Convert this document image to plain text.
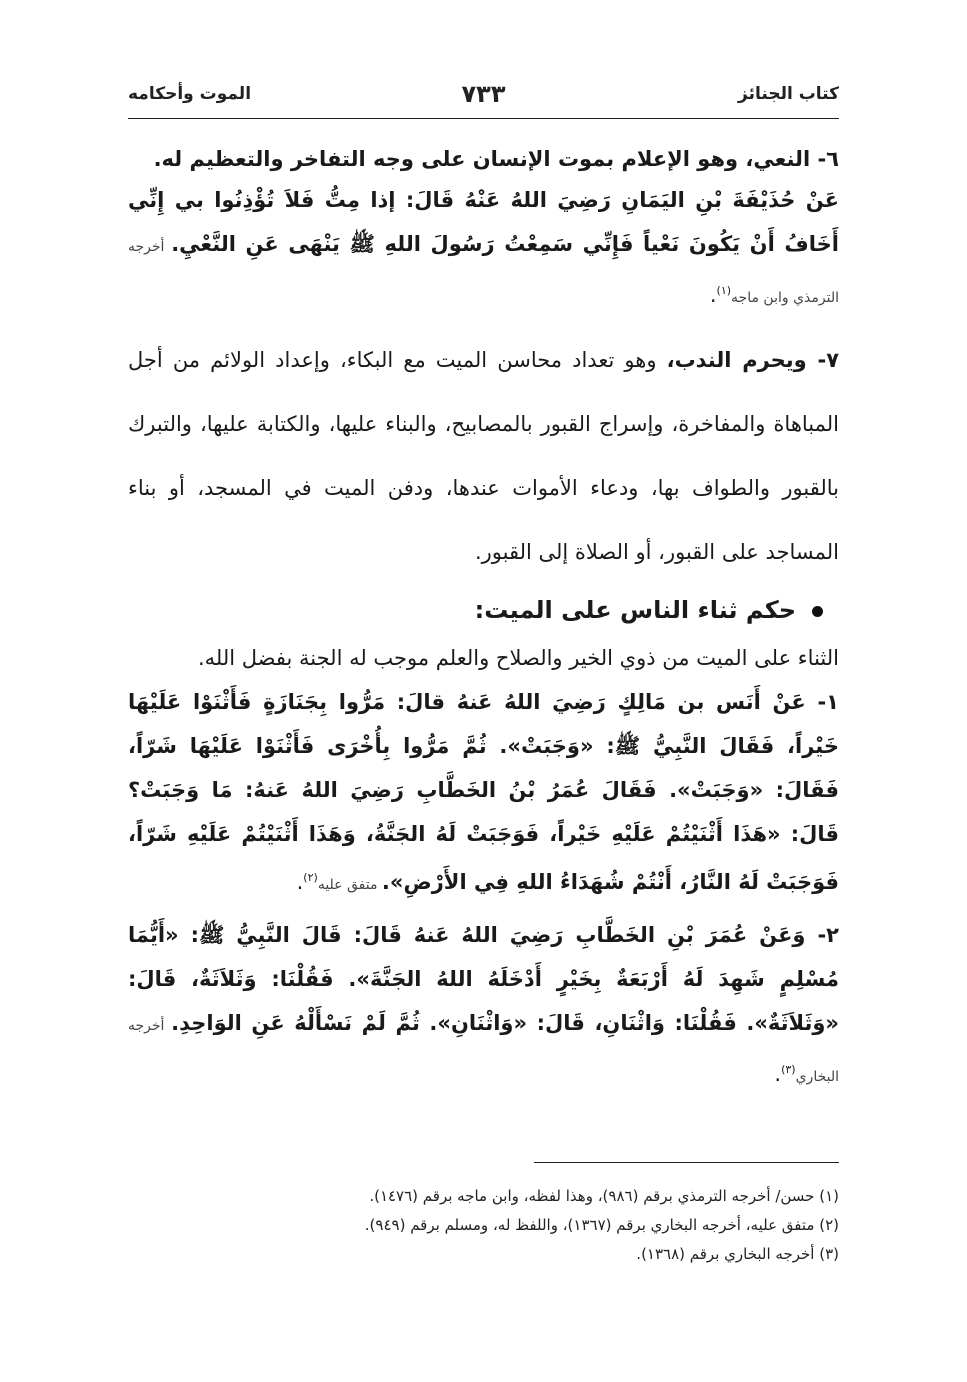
كتاب الجنائز
٧٣٣
الموت وأحكامه

٦- النعي، وهو الإعلام بموت الإنسان على وجه التفاخر والتعظيم له.

عَنْ حُذَيْفَةَ بْنِ اليَمَانِ رَضِيَ اللهُ عَنْهُ قَالَ: إذا مِتُّ فَلاَ تُؤْذِنُوا بي إِنِّي أَخَافُ أَنْ يَكُونَ نَعْياً فَإِنِّي سَمِعْتُ رَسُولَ اللهِ ﷺ يَنْهَى عَنِ النَّعْيِ. أخرجه الترمذي وابن ماجه$^{(١)}$.

٧- ويحرم الندب، وهو تعداد محاسن الميت مع البكاء، وإعداد الولائم من أجل المباهاة والمفاخرة، وإسراج القبور بالمصابيح، والبناء عليها، والكتابة عليها، والتبرك بالقبور والطواف بها، ودعاء الأموات عندها، ودفن الميت في المسجد، أو بناء المساجد على القبور، أو الصلاة إلى القبور.

حكم ثناء الناس على الميت:

الثناء على الميت من ذوي الخير والصلاح والعلم موجب له الجنة بفضل الله.

١- عَنْ أَنَس بن مَالِكٍ رَضِيَ اللهُ عَنهُ قالَ: مَرُّوا بِجَنَازَةٍ فَأَثْنَوْا عَلَيْهَا خَيْراً، فَقَالَ النَّبِيُّ ﷺ: «وَجَبَتْ». ثُمَّ مَرُّوا بِأُخْرَى فَأَثْنَوْا عَلَيْهَا شَرّاً، فَقَالَ: «وَجَبَتْ». فَقَالَ عُمَرُ بْنُ الخَطَّابِ رَضِيَ اللهُ عَنهُ: مَا وَجَبَتْ؟ قَالَ: «هَذَا أَثْنَيْتُمْ عَلَيْهِ خَيْراً، فَوَجَبَتْ لَهُ الجَنَّةُ، وَهَذَا أَثْنَيْتُمْ عَلَيْهِ شَرّاً، فَوَجَبَتْ لَهُ النَّارُ، أَنْتُمْ شُهَدَاءُ اللهِ فِي الأَرْضِ». متفق عليه$^{(٢)}$.

٢- وَعَنْ عُمَرَ بْنِ الخَطَّابِ رَضِيَ اللهُ عَنهُ قَالَ: قَالَ النَّبِيُّ ﷺ: «أَيُّمَا مُسْلِمٍ شَهِدَ لَهُ أَرْبَعَةٌ بِخَيْرٍ أَدْخَلَهُ اللهُ الجَنَّةَ». فَقُلْنَا: وَثَلاَثَةٌ، قَالَ: «وَثَلاَثَةٌ». فَقُلْنَا: وَاثْنَانِ، قَالَ: «وَاثْنَانِ». ثُمَّ لَمْ نَسْأَلْهُ عَنِ الوَاحِدِ. أخرجه البخاري$^{(٣)}$.

(١) حسن/ أخرجه الترمذي برقم (٩٨٦)، وهذا لفظه، وابن ماجه برقم (١٤٧٦).
(٢) متفق عليه، أخرجه البخاري برقم (١٣٦٧)، واللفظ له، ومسلم برقم (٩٤٩).
(٣) أخرجه البخاري برقم (١٣٦٨).
